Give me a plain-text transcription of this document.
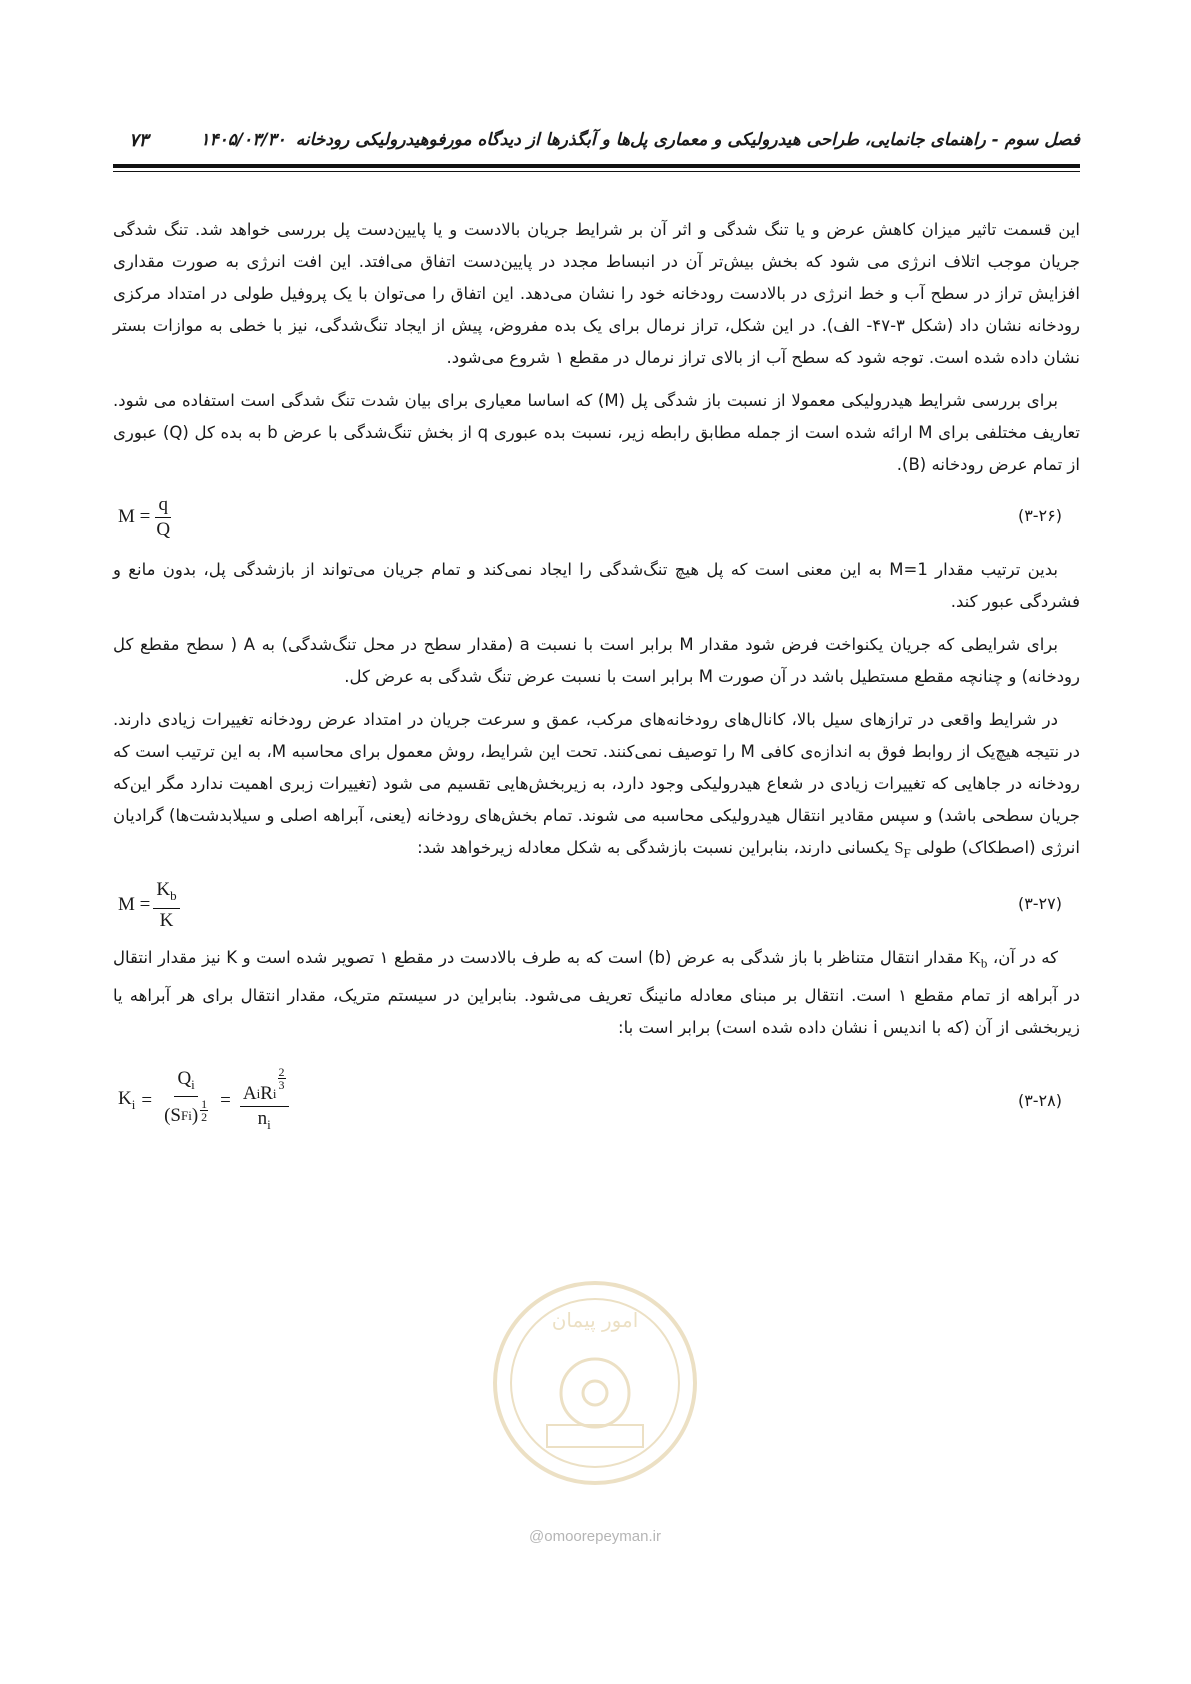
فصل سوم - راهنمای جانمایی، طراحی هیدرولیکی و معماری پل‌ها و آبگذرها از دیدگاه مورفوهیدرولیکی رودخانه۱۴۰۵/۰۳/۳۰
۷۳

این قسمت تاثیر میزان کاهش عرض و یا تنگ شدگی و اثر آن بر شرایط جریان بالادست و یا پایین‌دست پل بررسی خواهد شد. تنگ شدگی جریان موجب اتلاف انرژی می شود که بخش بیش‌تر آن در انبساط مجدد در پایین‌دست اتفاق می‌افتد. این افت انرژی به صورت مقداری افزایش تراز در سطح آب و خط انرژی در بالادست رودخانه خود را نشان می‌دهد. این اتفاق را می‌توان با یک پروفیل طولی در امتداد مرکزی رودخانه نشان داد (شکل ۳-۴۷- الف). در این شکل، تراز نرمال برای یک بده مفروض، پیش از ایجاد تنگ‌شدگی، نیز با خطی به موازات بستر نشان داده شده است. توجه شود که سطح آب از بالای تراز نرمال در مقطع ۱ شروع می‌شود.

برای بررسی شرایط هیدرولیکی معمولا از نسبت باز شدگی پل (M) که اساسا معیاری برای بیان شدت تنگ شدگی است استفاده می شود. تعاریف مختلفی برای M ارائه شده است از جمله مطابق رابطه زیر، نسبت بده عبوری q از بخش تنگ‌شدگی با عرض b به بده کل (Q) عبوری از تمام عرض رودخانه (B).

(۳-۲۶)
$M = \frac{q}{Q}$

بدین ترتیب مقدار M=1 به این معنی است که پل هیچ تنگ‌شدگی را ایجاد نمی‌کند و تمام جریان می‌تواند از بازشدگی پل، بدون مانع و فشردگی عبور کند.

برای شرایطی که جریان یکنواخت فرض شود مقدار M برابر است با نسبت a (مقدار سطح در محل تنگ‌شدگی) به A ( سطح مقطع کل رودخانه) و چنانچه مقطع مستطیل باشد در آن صورت M برابر است با نسبت عرض تنگ شدگی به عرض کل.

در شرایط واقعی در ترازهای سیل بالا، کانال‌های رودخانه‌های مرکب، عمق و سرعت جریان در امتداد عرض رودخانه تغییرات زیادی دارند. در نتیجه هیچ‌یک از روابط فوق به اندازه‌ی کافی M را توصیف نمی‌کنند. تحت این شرایط، روش معمول برای محاسبه M، به این ترتیب است که رودخانه در جاهایی که تغییرات زیادی در شعاع هیدرولیکی وجود دارد، به زیربخش‌هایی تقسیم می شود (تغییرات زبری اهمیت ندارد مگر این‌که جریان سطحی باشد) و سپس مقادیر انتقال هیدرولیکی محاسبه می شوند. تمام بخش‌های رودخانه (یعنی، آبراهه اصلی و سیلابدشت‌ها) گرادیان انرژی (اصطکاک) طولی $S_F$ یکسانی دارند، بنابراین نسبت بازشدگی به شکل معادله زیرخواهد شد:

(۳-۲۷)
$M = \frac{K_b}{K}$

که در آن، $K_b$ مقدار انتقال متناظر با باز شدگی به عرض (b) است که به طرف بالادست در مقطع ۱ تصویر شده است و K نیز مقدار انتقال در آبراهه از تمام مقطع ۱ است. انتقال بر مبنای معادله مانینگ تعریف می‌شود. بنابراین در سیستم متریک، مقدار انتقال برای هر آبراهه یا زیربخشی از آن (که با اندیس i نشان داده شده است) برابر است با:

(۳-۲۸)
$K_i = \frac{Q_i}{(S Fi ) \frac{1}{2}} = A$ i R i
$\frac{2}{3}$
$n_i$
امور پیمان
@omoorepeyman.ir
